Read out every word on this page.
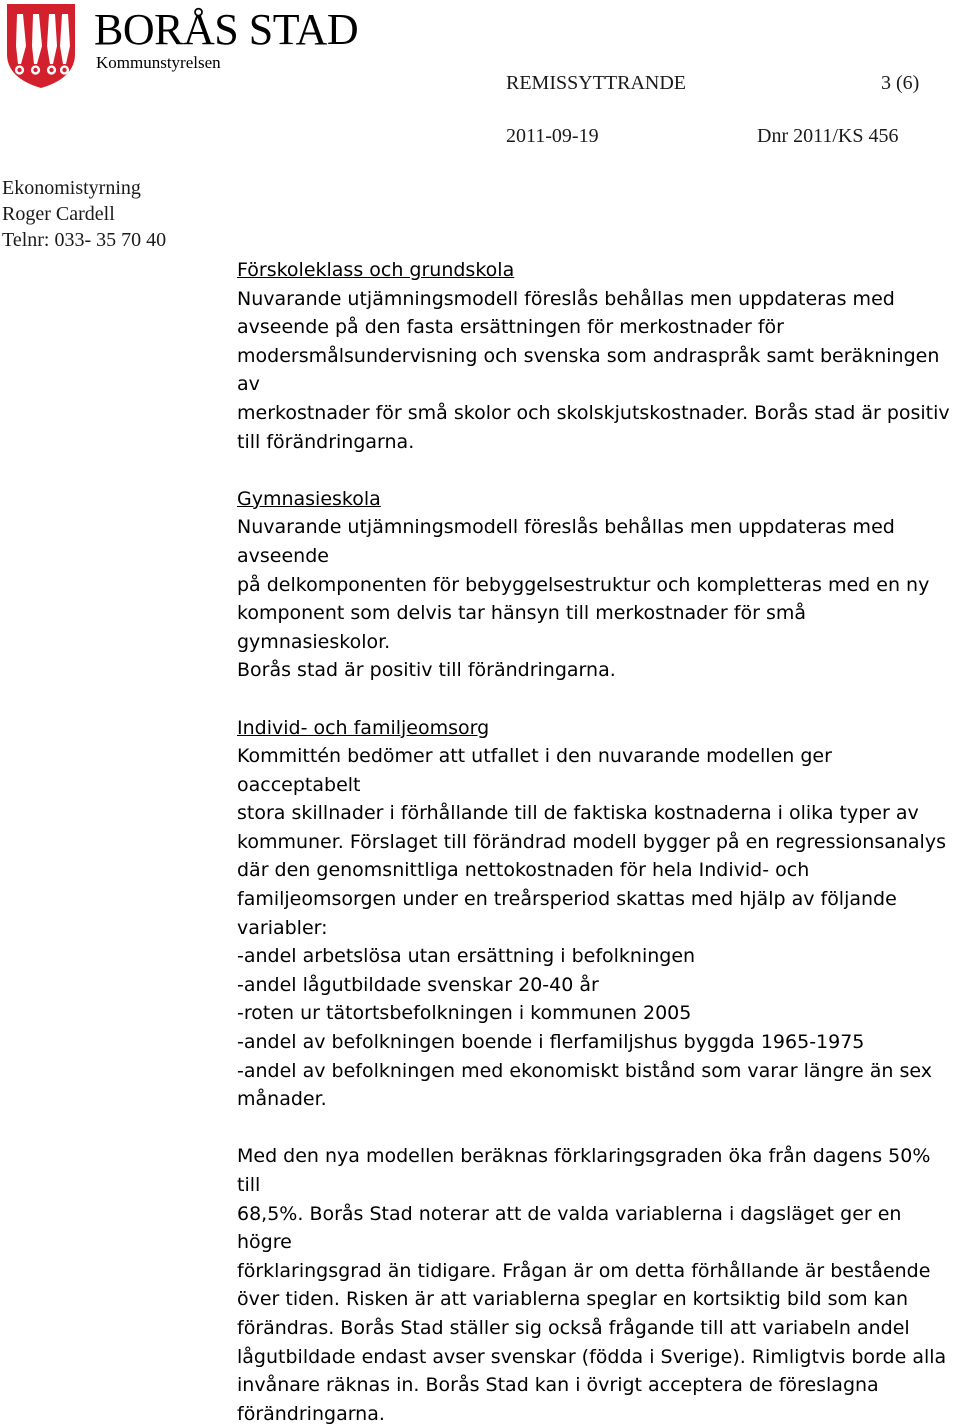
BORÅS STAD
Kommunstyrelsen
REMISSYTTRANDE	3 (6)
2011-09-19	Dnr 2011/KS 456
Ekonomistyrning
Roger Cardell
Telnr: 033- 35 70 40

Förskoleklass och grundskola

Nuvarande utjämningsmodell föreslås behållas men uppdateras med

avseende på den fasta ersättningen för merkostnader för

modersmålsundervisning och svenska som andraspråk samt beräkningen av

merkostnader för små skolor och skolskjutskostnader. Borås stad är positiv

till förändringarna.

Gymnasieskola

Nuvarande utjämningsmodell föreslås behållas men uppdateras med avseende

på delkomponenten för bebyggelsestruktur och kompletteras med en ny

komponent som delvis tar hänsyn till merkostnader för små gymnasieskolor.

Borås stad är positiv till förändringarna.

Individ- och familjeomsorg

Kommittén bedömer att utfallet i den nuvarande modellen ger oacceptabelt

stora skillnader i förhållande till de faktiska kostnaderna i olika typer av

kommuner. Förslaget till förändrad modell bygger på en regressionsanalys

där den genomsnittliga nettokostnaden för hela Individ- och

familjeomsorgen under en treårsperiod skattas med hjälp av följande

variabler:

-andel arbetslösa utan ersättning i befolkningen

-andel lågutbildade svenskar 20-40 år

-roten ur tätortsbefolkningen i kommunen 2005

-andel av befolkningen boende i flerfamiljshus byggda 1965-1975

-andel av befolkningen med ekonomiskt bistånd som varar längre än sex

månader.

Med den nya modellen beräknas förklaringsgraden öka från dagens 50% till

68,5%. Borås Stad noterar att de valda variablerna i dagsläget ger en högre

förklaringsgrad än tidigare. Frågan är om detta förhållande är bestående

över tiden. Risken är att variablerna speglar en kortsiktig bild som kan

förändras. Borås Stad ställer sig också frågande till att variabeln andel

lågutbildade endast avser svenskar (födda i Sverige). Rimligtvis borde alla

invånare räknas in. Borås Stad kan i övrigt acceptera de föreslagna

förändringarna.
